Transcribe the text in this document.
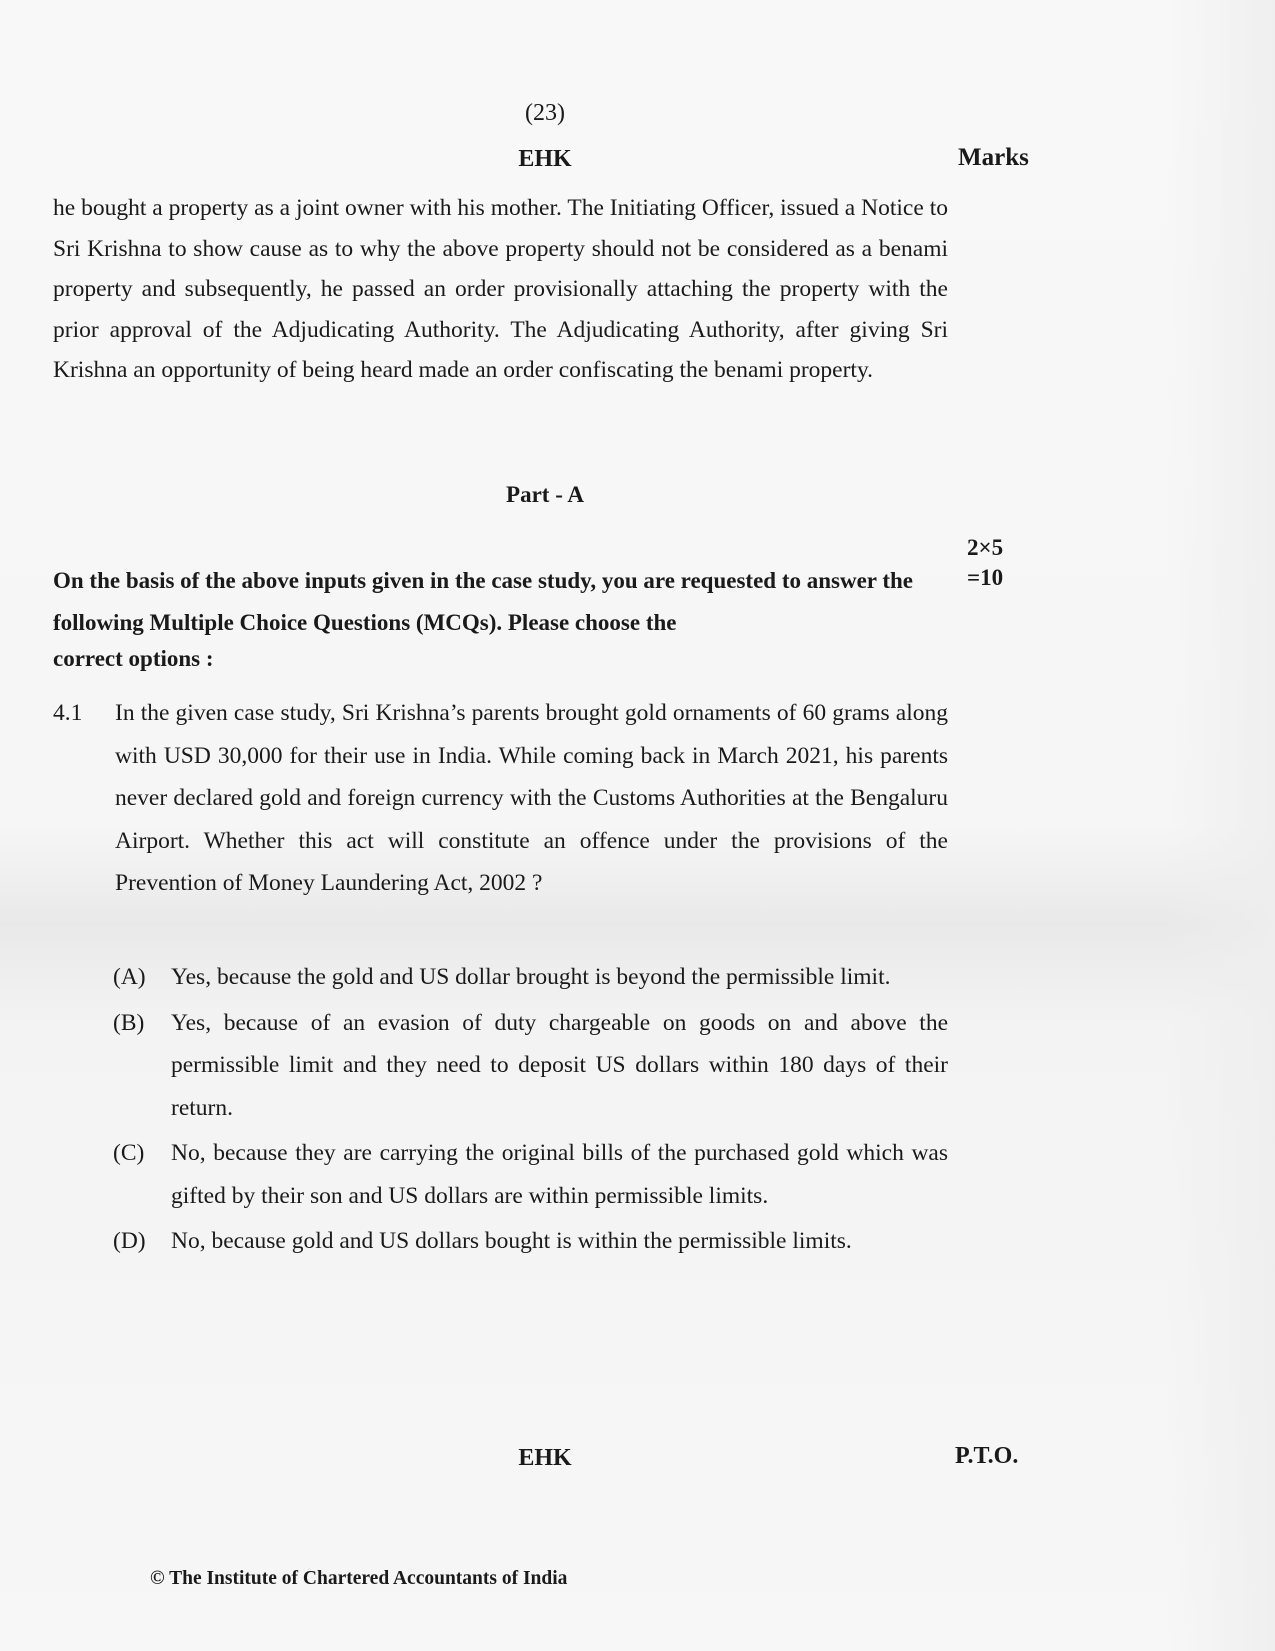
(23)
EHK	Marks

he bought a property as a joint owner with his mother. The Initiating Officer, issued a Notice to Sri Krishna to show cause as to why the above property should not be considered as a benami property and subsequently, he passed an order provisionally attaching the property with the prior approval of the Adjudicating Authority. The Adjudicating Authority, after giving Sri Krishna an opportunity of being heard made an order confiscating the benami property.

Part - A
2×5
=10
On the basis of the above inputs given in the case study, you are requested to answer the following Multiple Choice Questions (MCQs). Please choose the
correct options :
4.1	In the given case study, Sri Krishna’s parents brought gold ornaments of 60 grams along with USD 30,000 for their use in India. While coming back in March 2021, his parents never declared gold and foreign currency with the Customs Authorities at the Bengaluru Airport. Whether this act will constitute an offence under the provisions of the Prevention of Money Laundering Act, 2002 ?
(A)	Yes, because the gold and US dollar brought is beyond the permissible limit.
(B)	Yes, because of an evasion of duty chargeable on goods on and above the permissible limit and they need to deposit US dollars within 180 days of their return.
(C)	No, because they are carrying the original bills of the purchased gold which was gifted by their son and US dollars are within permissible limits.
(D)	No, because gold and US dollars bought is within the permissible limits.
EHK	P.T.O.
© The Institute of Chartered Accountants of India
